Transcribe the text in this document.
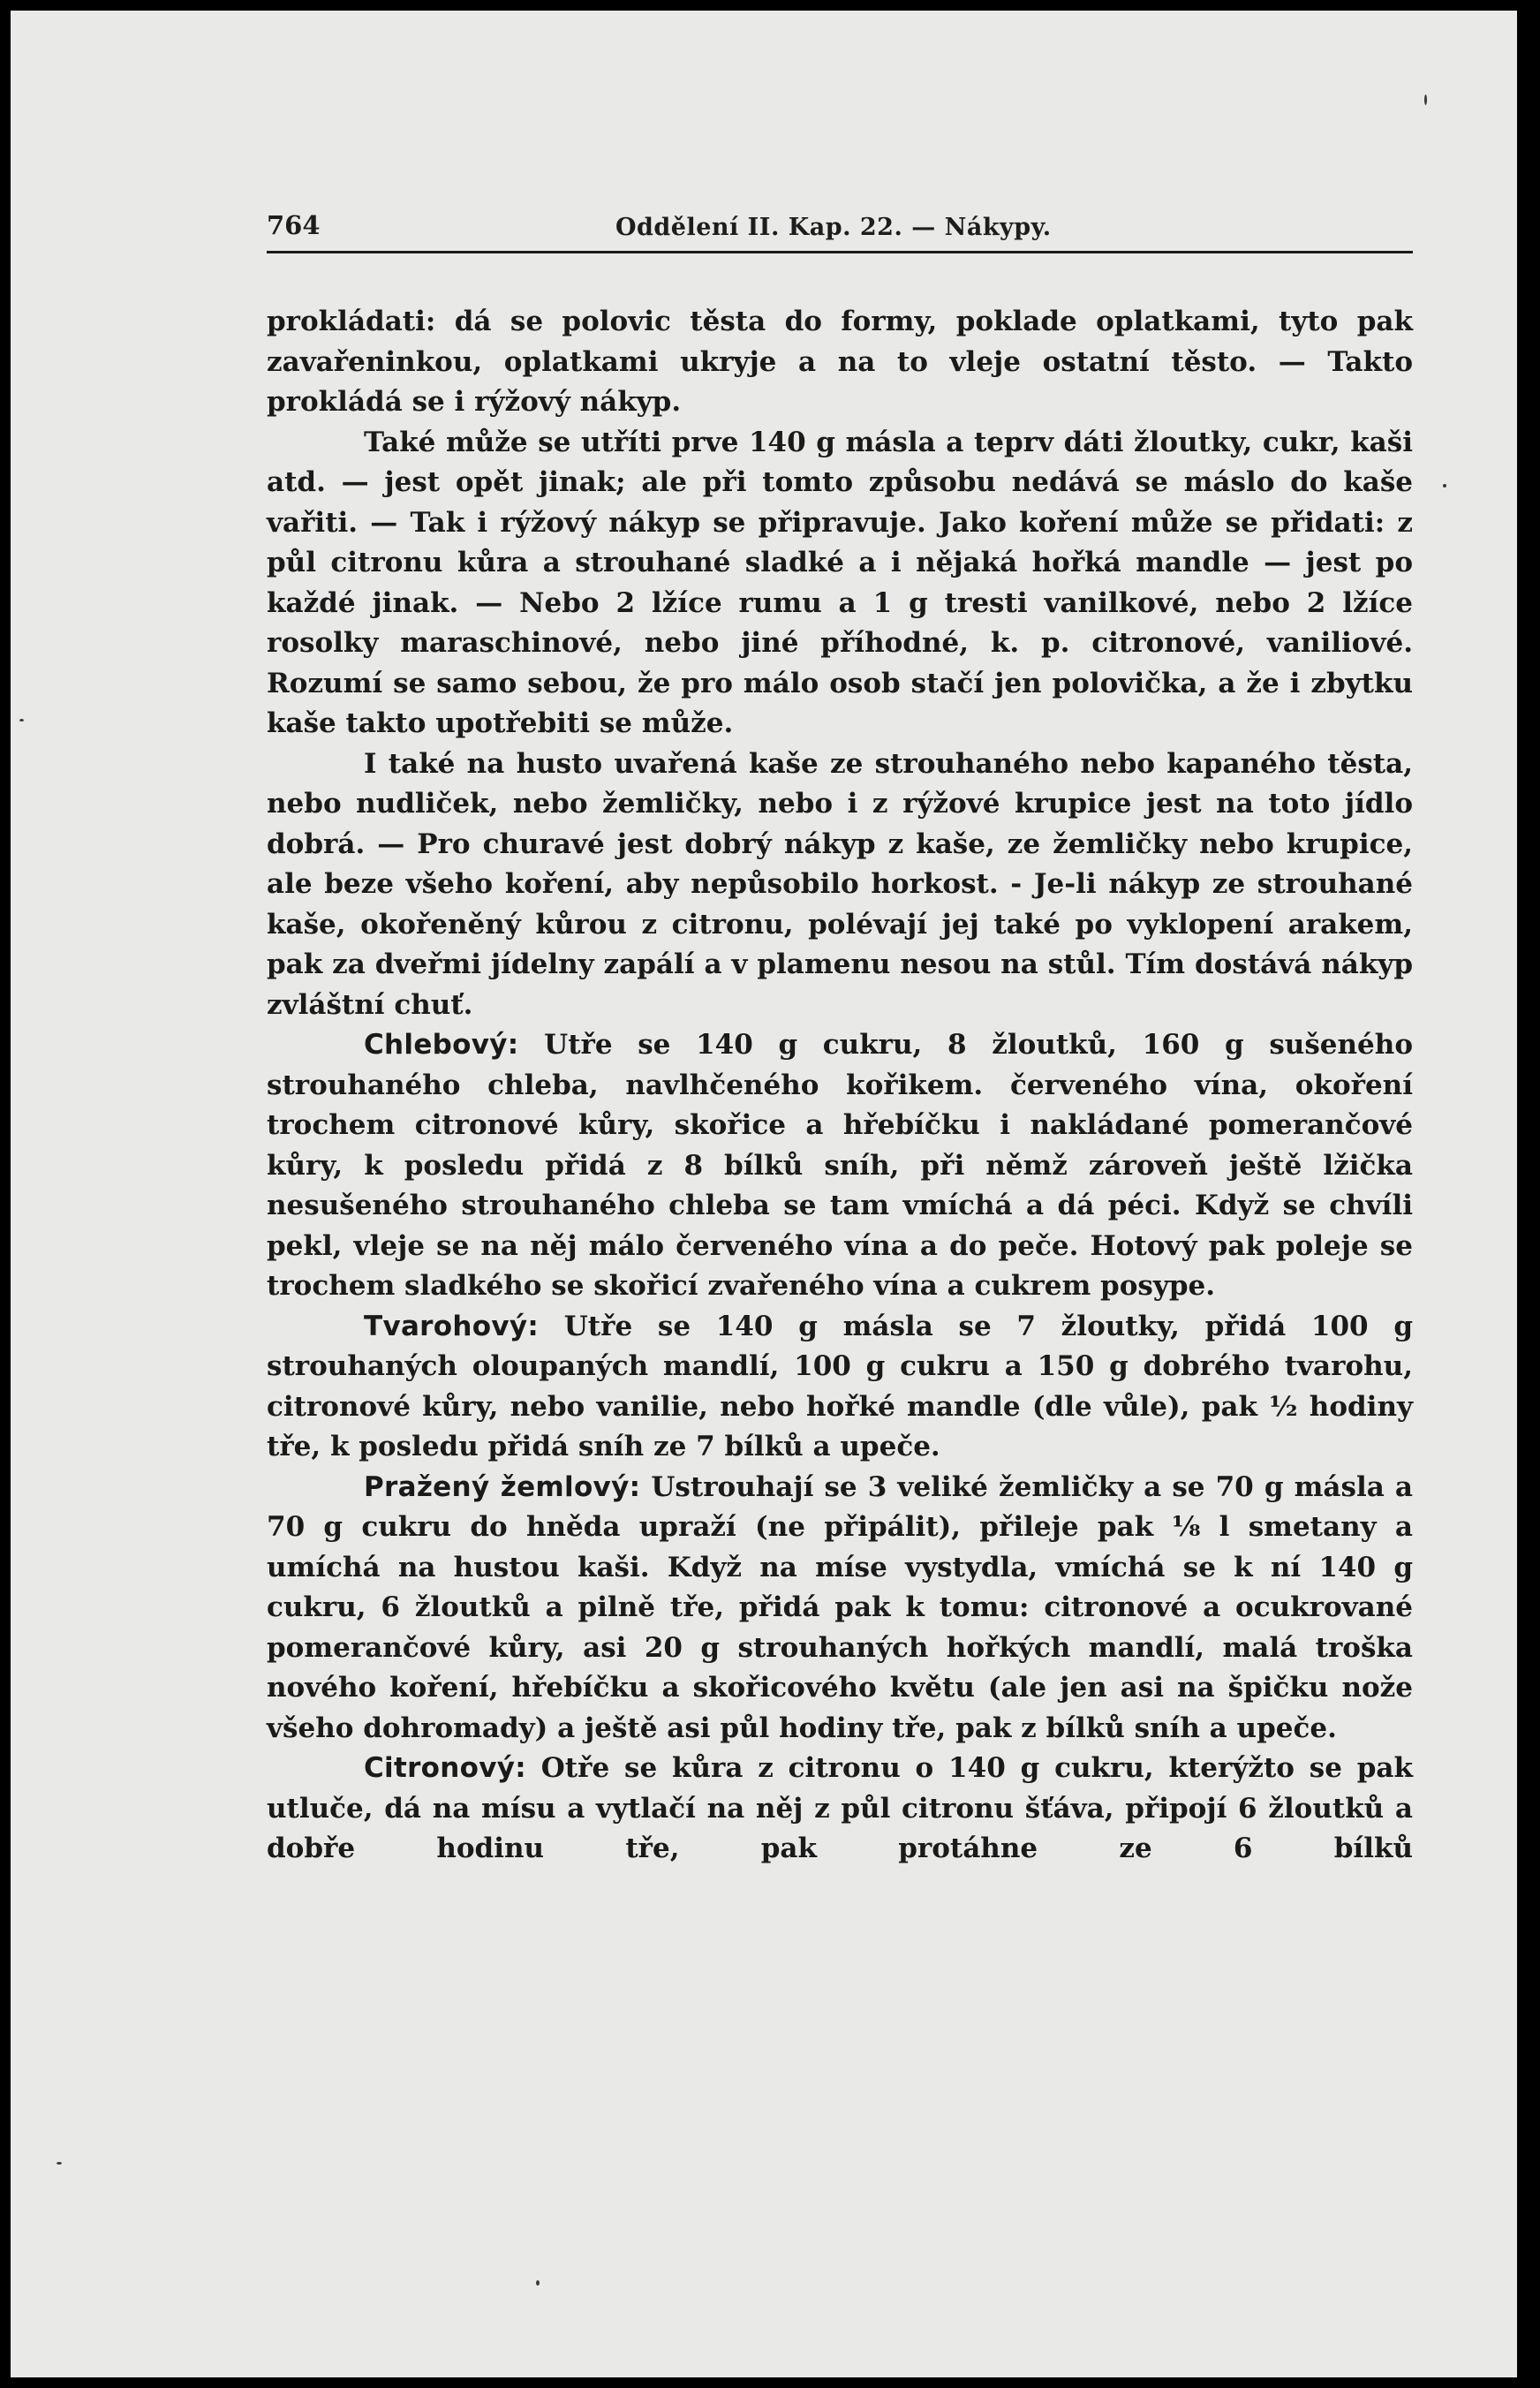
764	Oddělení II. Kap. 22. — Nákypy.

prokládati: dá se polovic těsta do formy, poklade oplatkami, tyto pak zavařeninkou, oplatkami ukryje a na to vleje ostatní těsto. — Takto prokládá se i rýžový nákyp.

Také může se utříti prve 140 g másla a teprv dáti žloutky, cukr, kaši atd. — jest opět jinak; ale při tomto způsobu nedává se máslo do kaše vařiti. — Tak i rýžový nákyp se připravuje. Jako koření může se přidati: z půl citronu kůra a strouhané sladké a i nějaká hořká mandle — jest po každé jinak. — Nebo 2 lžíce rumu a 1 g tresti vanilkové, nebo 2 lžíce rosolky maraschinové, nebo jiné příhodné, k. p. citronové, vaniliové. Rozumí se samo sebou, že pro málo osob stačí jen polovička, a že i zbytku kaše takto upotřebiti se může.

I také na husto uvařená kaše ze strouhaného nebo kapaného těsta, nebo nudliček, nebo žemličky, nebo i z rýžové krupice jest na toto jídlo dobrá. — Pro churavé jest dobrý nákyp z kaše, ze žemličky nebo krupice, ale beze všeho koření, aby nepůsobilo horkost. - Je-li nákyp ze strouhané kaše, okořeněný kůrou z citronu, polévají jej také po vyklopení arakem, pak za dveřmi jídelny zapálí a v plamenu nesou na stůl. Tím dostává nákyp zvláštní chuť.

Chlebový: Utře se 140 g cukru, 8 žloutků, 160 g sušeného strouhaného chleba, navlhčeného kořikem. červeného vína, okoření trochem citronové kůry, skořice a hřebíčku i nakládané pomerančové kůry, k posledu přidá z 8 bílků sníh, při němž zároveň ještě lžička nesušeného strouhaného chleba se tam vmíchá a dá péci. Když se chvíli pekl, vleje se na něj málo červeného vína a do peče. Hotový pak poleje se trochem sladkého se skořicí zvařeného vína a cukrem posype.

Tvarohový: Utře se 140 g másla se 7 žloutky, přidá 100 g strouhaných oloupaných mandlí, 100 g cukru a 150 g dobrého tvarohu, citronové kůry, nebo vanilie, nebo hořké mandle (dle vůle), pak ½ hodiny tře, k posledu přidá sníh ze 7 bílků a upeče.

Pražený žemlový: Ustrouhají se 3 veliké žemličky a se 70 g másla a 70 g cukru do hněda upraží (ne připálit), přileje pak ⅛ l smetany a umíchá na hustou kaši. Když na míse vystydla, vmíchá se k ní 140 g cukru, 6 žloutků a pilně tře, přidá pak k tomu: citronové a ocukrované pomerančové kůry, asi 20 g strouhaných hořkých mandlí, malá troška nového koření, hřebíčku a skořicového květu (ale jen asi na špičku nože všeho dohromady) a ještě asi půl hodiny tře, pak z bílků sníh a upeče.

Citronový: Otře se kůra z citronu o 140 g cukru, kterýžto se pak utluče, dá na mísu a vytlačí na něj z půl citronu šťáva, připojí 6 žloutků a dobře hodinu tře, pak protáhne ze 6 bílků
